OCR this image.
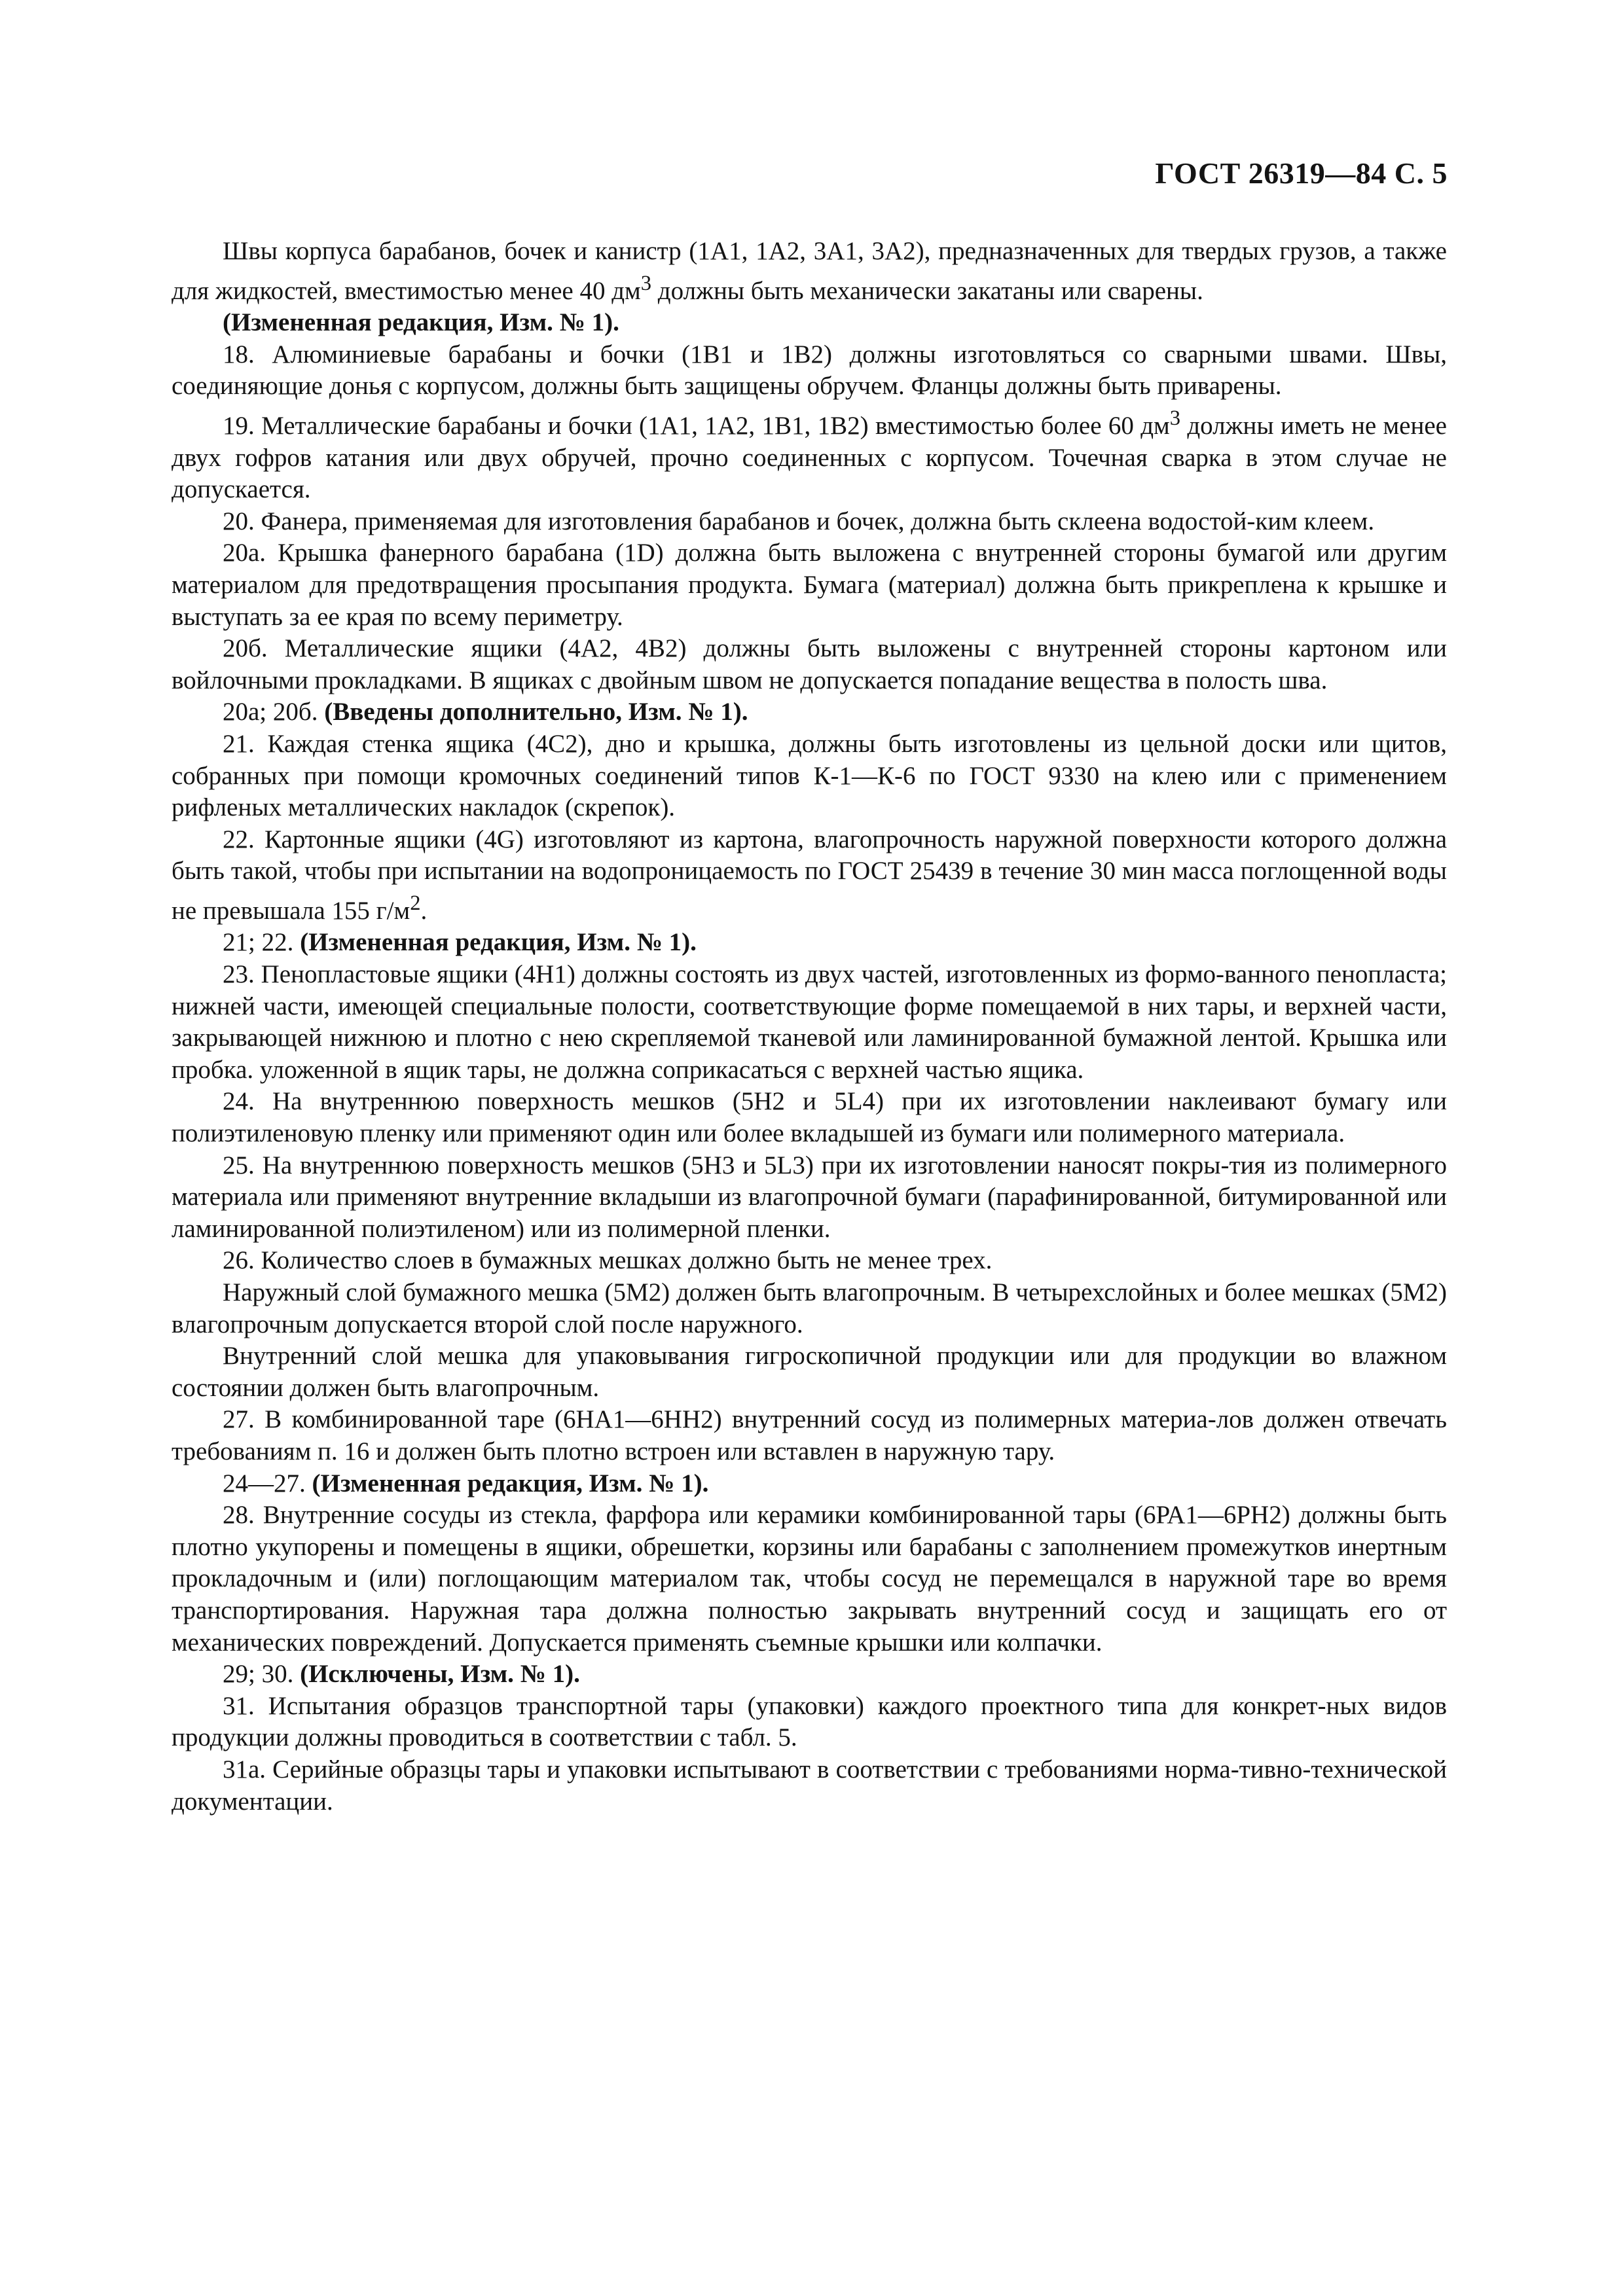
ГОСТ 26319—84 С. 5

Швы корпуса барабанов, бочек и канистр (1А1, 1А2, 3А1, 3А2), предназначенных для твердых грузов, а также для жидкостей, вместимостью менее 40 $дм^3$ должны быть механически закатаны или сварены.

(Измененная редакция, Изм. № 1).

18. Алюминиевые барабаны и бочки (1В1 и 1В2) должны изготовляться со сварными швами. Швы, соединяющие донья с корпусом, должны быть защищены обручем. Фланцы должны быть приварены.

19. Металлические барабаны и бочки (1А1, 1А2, 1В1, 1В2) вместимостью более 60 $дм^3$ должны иметь не менее двух гофров катания или двух обручей, прочно соединенных с корпусом. Точечная сварка в этом случае не допускается.

20. Фанера, применяемая для изготовления барабанов и бочек, должна быть склеена водостой-ким клеем.

20а. Крышка фанерного барабана (1D) должна быть выложена с внутренней стороны бумагой или другим материалом для предотвращения просыпания продукта. Бумага (материал) должна быть прикреплена к крышке и выступать за ее края по всему периметру.

20б. Металлические ящики (4А2, 4В2) должны быть выложены с внутренней стороны картоном или войлочными прокладками. В ящиках с двойным швом не допускается попадание вещества в полость шва.

20а; 20б. (Введены дополнительно, Изм. № 1).

21. Каждая стенка ящика (4С2), дно и крышка, должны быть изготовлены из цельной доски или щитов, собранных при помощи кромочных соединений типов К-1—К-6 по ГОСТ 9330 на клею или с применением рифленых металлических накладок (скрепок).

22. Картонные ящики (4G) изготовляют из картона, влагопрочность наружной поверхности которого должна быть такой, чтобы при испытании на водопроницаемость по ГОСТ 25439 в течение 30 мин масса поглощенной воды не превышала 155 $г/м^2$.

21; 22. (Измененная редакция, Изм. № 1).

23. Пенопластовые ящики (4Н1) должны состоять из двух частей, изготовленных из формо-ванного пенопласта; нижней части, имеющей специальные полости, соответствующие форме помещаемой в них тары, и верхней части, закрывающей нижнюю и плотно с нею скрепляемой тканевой или ламинированной бумажной лентой. Крышка или пробка. уложенной в ящик тары, не должна соприкасаться с верхней частью ящика.

24. На внутреннюю поверхность мешков (5Н2 и 5L4) при их изготовлении наклеивают бумагу или полиэтиленовую пленку или применяют один или более вкладышей из бумаги или полимерного материала.

25. На внутреннюю поверхность мешков (5Н3 и 5L3) при их изготовлении наносят покры-тия из полимерного материала или применяют внутренние вкладыши из влагопрочной бумаги (парафинированной, битумированной или ламинированной полиэтиленом) или из полимерной пленки.

26. Количество слоев в бумажных мешках должно быть не менее трех.

Наружный слой бумажного мешка (5М2) должен быть влагопрочным. В четырехслойных и более мешках (5М2) влагопрочным допускается второй слой после наружного.

Внутренний слой мешка для упаковывания гигроскопичной продукции или для продукции во влажном состоянии должен быть влагопрочным.

27. В комбинированной таре (6НА1—6НН2) внутренний сосуд из полимерных материа-лов должен отвечать требованиям п. 16 и должен быть плотно встроен или вставлен в наружную тару.

24—27. (Измененная редакция, Изм. № 1).

28. Внутренние сосуды из стекла, фарфора или керамики комбинированной тары (6РА1—6РН2) должны быть плотно укупорены и помещены в ящики, обрешетки, корзины или барабаны с заполнением промежутков инертным прокладочным и (или) поглощающим материалом так, чтобы сосуд не перемещался в наружной таре во время транспортирования. Наружная тара должна полностью закрывать внутренний сосуд и защищать его от механических повреждений. Допускается применять съемные крышки или колпачки.

29; 30. (Исключены, Изм. № 1).

31. Испытания образцов транспортной тары (упаковки) каждого проектного типа для конкрет-ных видов продукции должны проводиться в соответствии с табл. 5.

31а. Серийные образцы тары и упаковки испытывают в соответствии с требованиями норма-тивно-технической документации.
